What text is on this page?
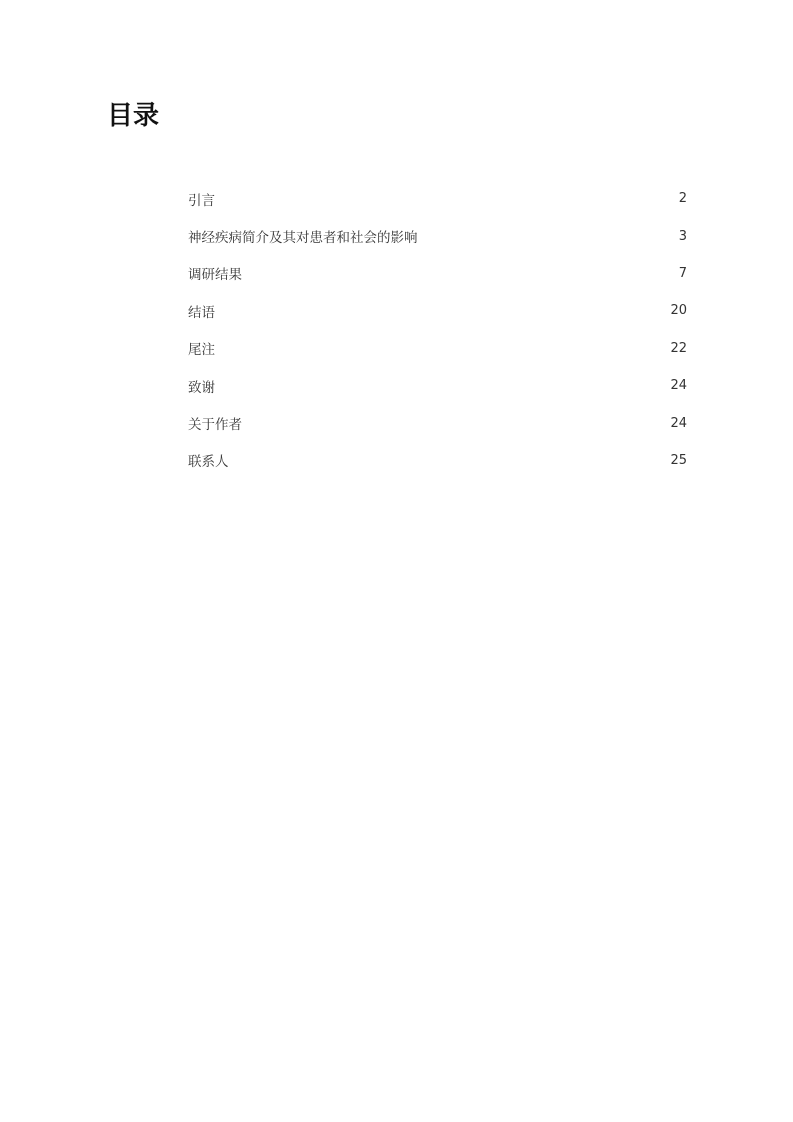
目录
引言	2
神经疾病简介及其对患者和社会的影响	3
调研结果	7
结语	20
尾注	22
致谢	24
关于作者	24
联系人	25
